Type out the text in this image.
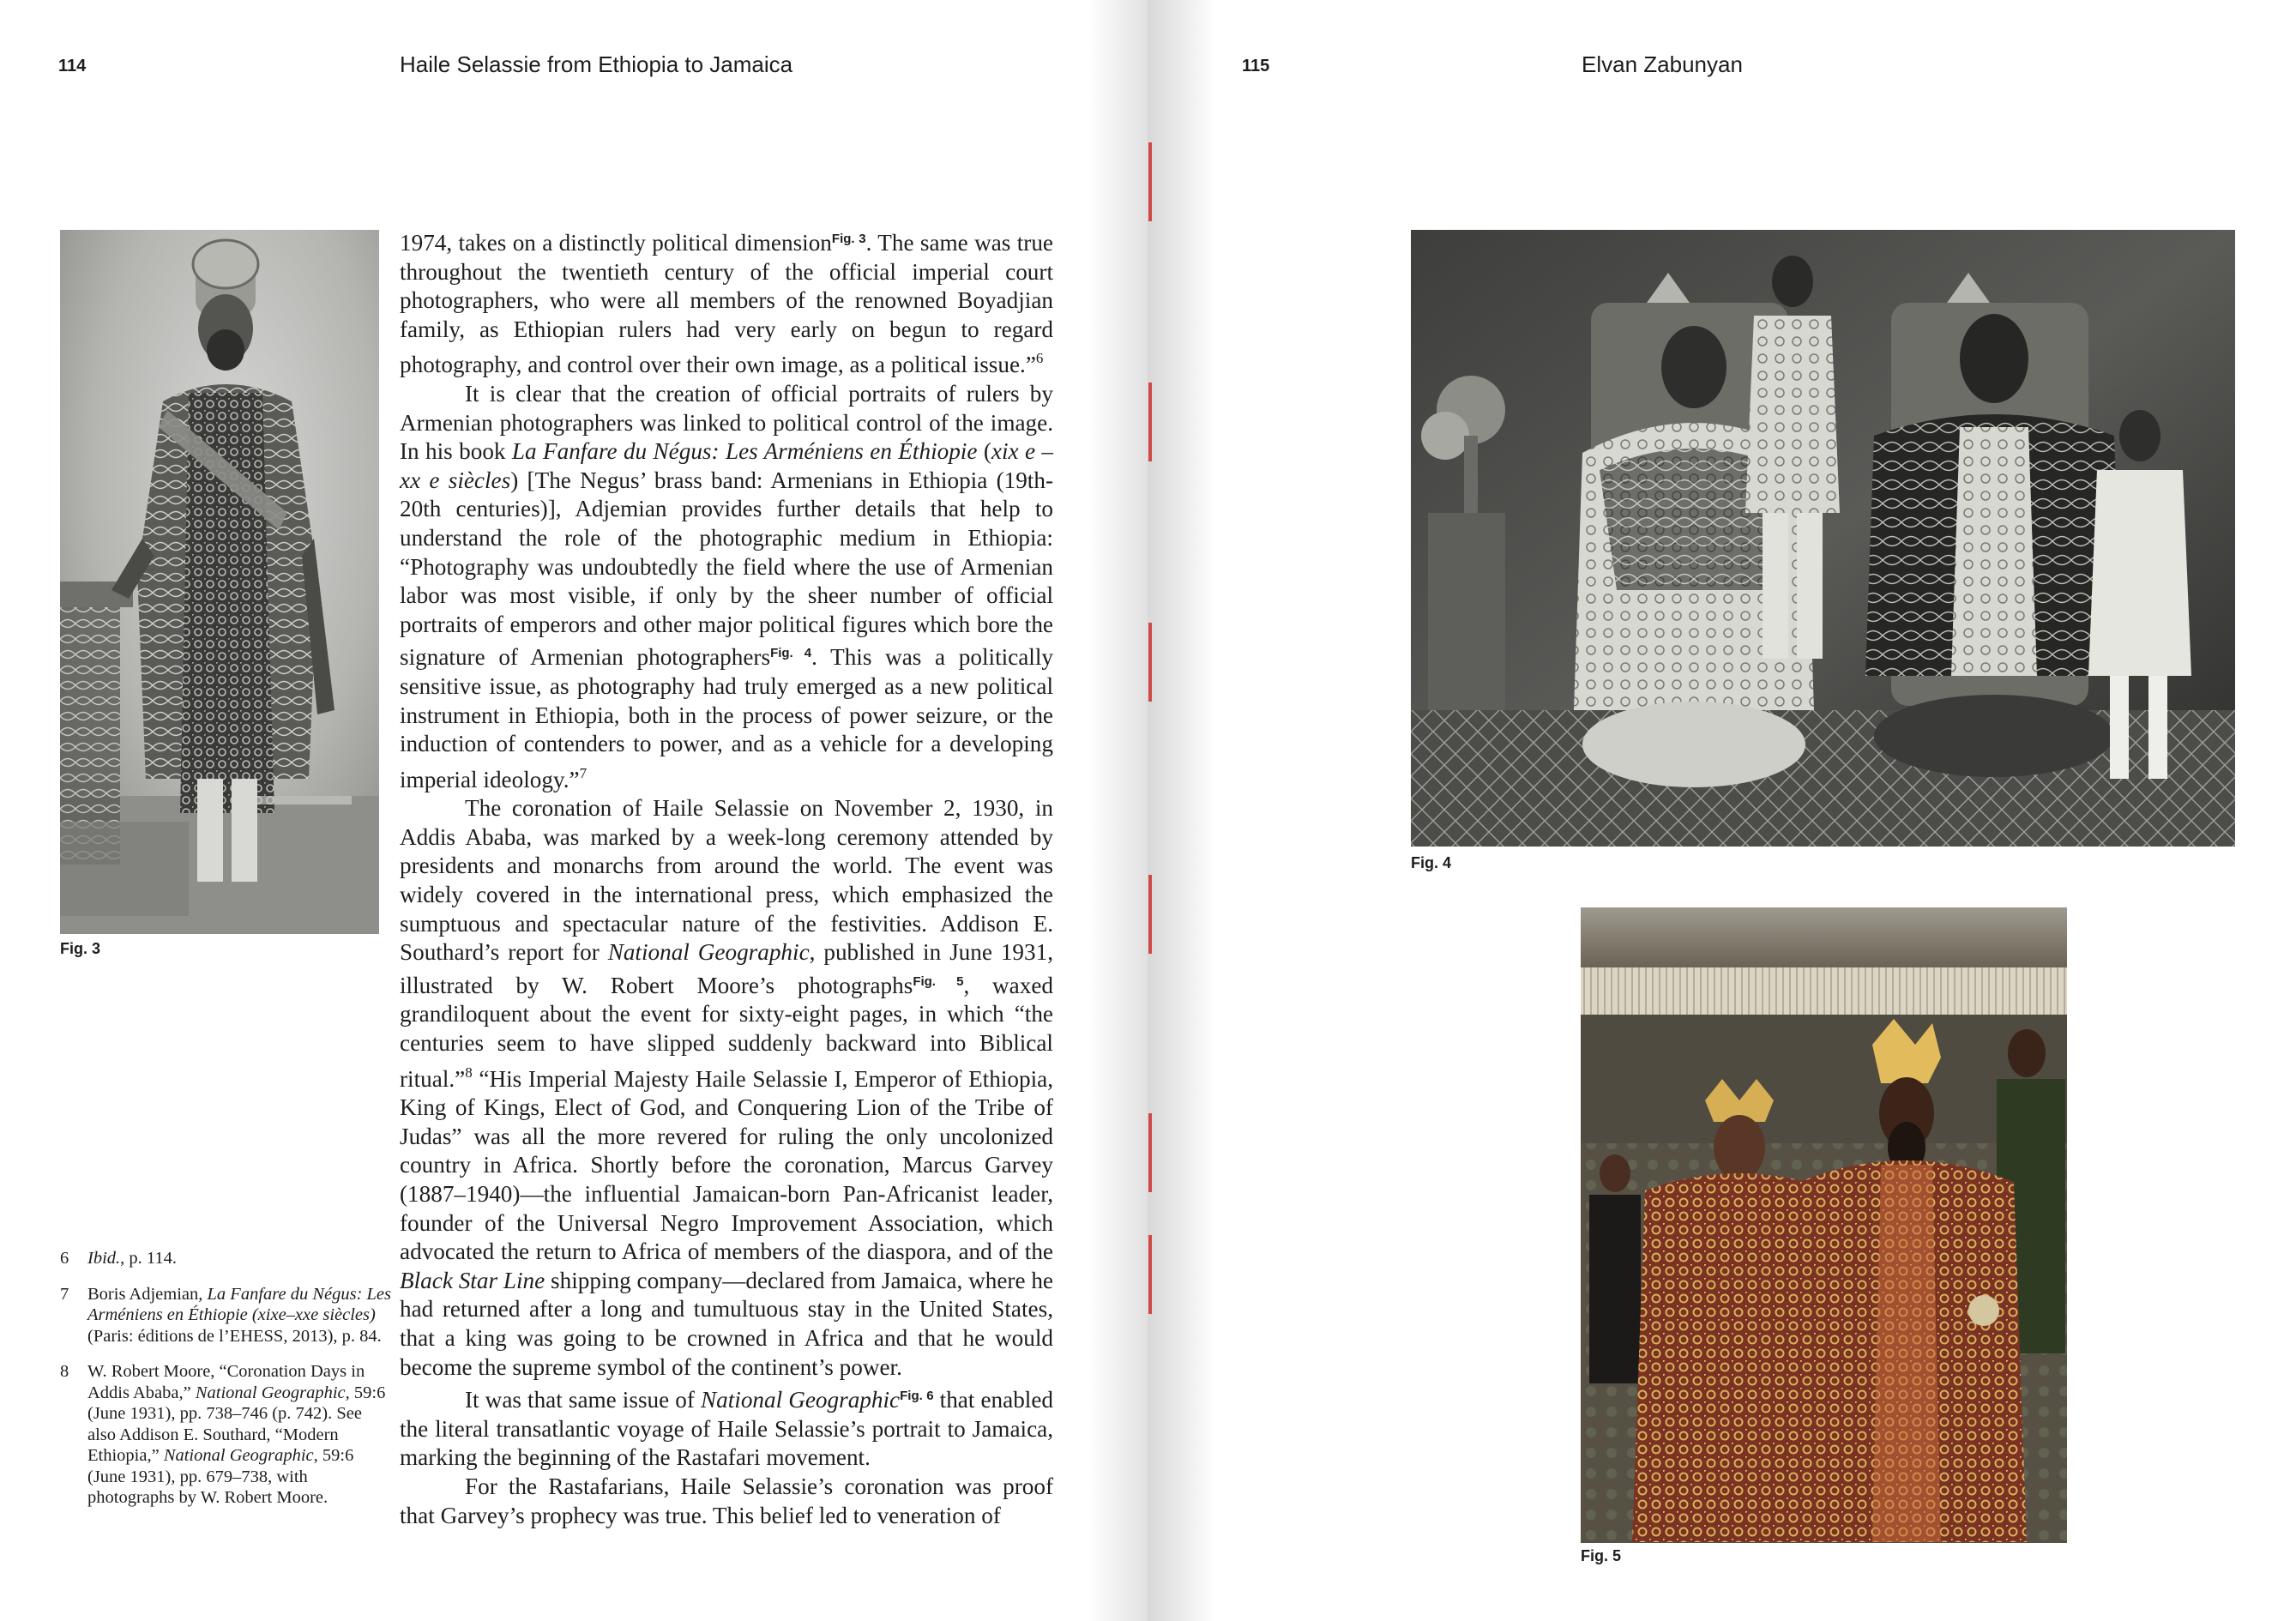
114	Haile Selassie from Ethiopia to Jamaica
Fig. 3

1974, takes on a distinctly political dimension$^{Fig. 3}$. The same was true throughout the twentieth century of the official imperial court photographers, who were all members of the renowned Boyadjian family, as Ethiopian rulers had very early on begun to regard photography, and control over their own image, as a political issue.”$^6$

It is clear that the creation of official portraits of rulers by Armenian photographers was linked to political control of the image. In his book La Fanfare du Négus: Les Arméniens en Éthiopie (xix e –xx e siècles) [The Negus’ brass band: Armenians in Ethiopia (19th-20th centuries)], Adjemian provides further details that help to understand the role of the photographic medium in Ethiopia: “Photography was undoubtedly the field where the use of Armenian labor was most visible, if only by the sheer number of official portraits of emperors and other major political figures which bore the signature of Armenian photographers$^{Fig. 4}$. This was a politically sensitive issue, as photography had truly emerged as a new political instrument in Ethiopia, both in the process of power seizure, or the induction of contenders to power, and as a vehicle for a developing imperial ideology.”$^7$

The coronation of Haile Selassie on November 2, 1930, in Addis Ababa, was marked by a week-long ceremony attended by presidents and monarchs from around the world. The event was widely covered in the international press, which emphasized the sumptuous and spectacular nature of the festivities. Addison E. Southard’s report for National Geographic, published in June 1931, illustrated by W. Robert Moore’s photographs$^{Fig. 5}$, waxed grandiloquent about the event for sixty-eight pages, in which “the centuries seem to have slipped suddenly backward into Biblical ritual.”$^8$ “His Imperial Majesty Haile Selassie I, Emperor of Ethiopia, King of Kings, Elect of God, and Conquering Lion of the Tribe of Judas” was all the more revered for ruling the only uncolonized country in Africa. Shortly before the coronation, Marcus Garvey (1887–1940)—the influential Jamaican-born Pan-Africanist leader, founder of the Universal Negro Improvement Association, which advocated the return to Africa of members of the diaspora, and of the Black Star Line shipping company—declared from Jamaica, where he had returned after a long and tumultuous stay in the United States, that a king was going to be crowned in Africa and that he would become the supreme symbol of the continent’s power.

It was that same issue of National Geographic$^{Fig. 6}$ that enabled the literal transatlantic voyage of Haile Selassie’s portrait to Jamaica, marking the beginning of the Rastafari movement.

For the Rastafarians, Haile Selassie’s coronation was proof that Garvey’s prophecy was true. This belief led to veneration of

6 Ibid., p. 114.
7 Boris Adjemian, La Fanfare du Négus: Les Arméniens en Éthiopie (xixe–xxe siècles) (Paris: éditions de l’EHESS, 2013), p. 84.
8 W. Robert Moore, “Coronation Days in Addis Ababa,” National Geographic, 59:6 (June 1931), pp. 738–746 (p. 742). See also Addison E. Southard, “Modern Ethiopia,” National Geographic, 59:6 (June 1931), pp. 679–738, with photographs by W. Robert Moore.
115	Elvan Zabunyan
Fig. 4
Fig. 5
